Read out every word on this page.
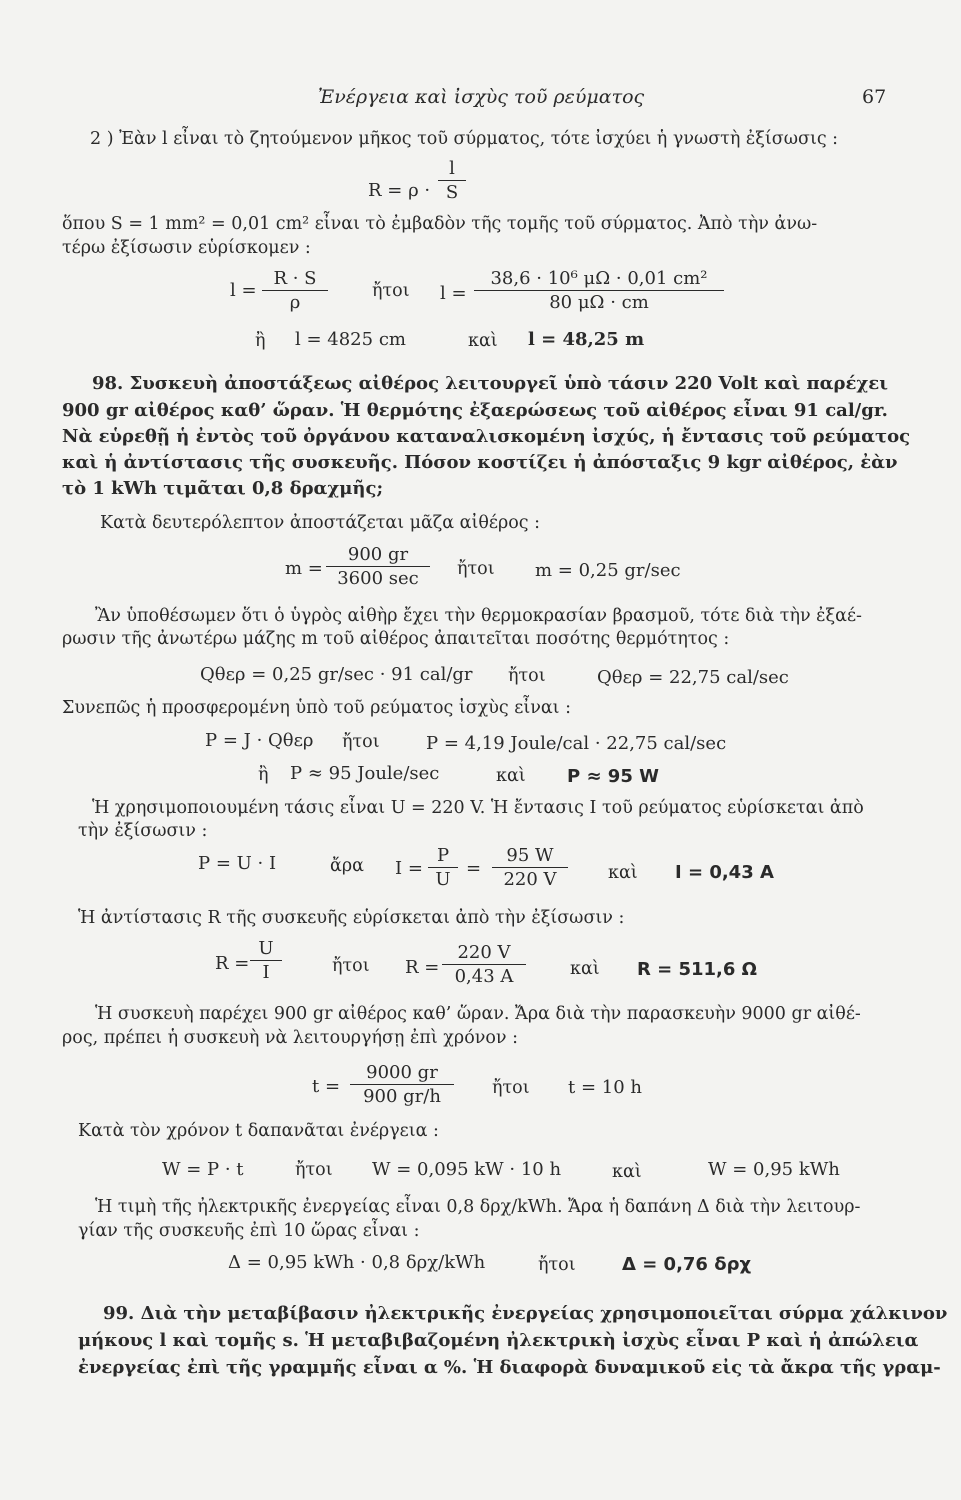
Ἐνέργεια καὶ ἰσχὺς τοῦ ρεύματος	67
2 ) Ἐὰν l εἶναι τὸ ζητούμενον μῆκος τοῦ σύρματος, τότε ἰσχύει ἡ γνωστὴ ἐξίσωσις :
$R = \rho \cdot \frac{l}{S}$
ὅπου S = 1 mm² = 0,01 cm² εἶναι τὸ ἐμβαδὸν τῆς τομῆς τοῦ σύρματος. Ἀπὸ τὴν ἀνω-
τέρω ἐξίσωσιν εὑρίσκομεν :
$l = \frac{R \cdot S}{\rho}$	ἤτοι $l = \frac{\text{38,6 · 10⁶ μΩ · 0,01 cm²}}{80 \mu\Omega \cdot cm}$
ἢ l = 4825 cm	καὶ l = 48,25 m
98. Συσκευὴ ἀποστάξεως αἰθέρος λειτουργεῖ ὑπὸ τάσιν 220 Volt καὶ παρέχει
900 gr αἰθέρος καθ’ ὥραν. Ἡ θερμότης ἐξαερώσεως τοῦ αἰθέρος εἶναι 91 cal/gr.
Νὰ εὑρεθῇ ἡ ἐντὸς τοῦ ὀργάνου καταναλισκομένη ἰσχύς, ἡ ἔντασις τοῦ ρεύματος
καὶ ἡ ἀντίστασις τῆς συσκευῆς. Πόσον κοστίζει ἡ ἀπόσταξις 9 kgr αἰθέρος, ἐὰν
τὸ 1 kWh τιμᾶται 0,8 δραχμῆς;
Κατὰ δευτερόλεπτον ἀποστάζεται μᾶζα αἰθέρος :
m =
900 gr
3600 sec	ἤτοι m = 0,25 gr/sec
Ἂν ὑποθέσωμεν ὅτι ὁ ὑγρὸς αἰθὴρ ἔχει τὴν θερμοκρασίαν βρασμοῦ, τότε διὰ τὴν ἐξαέ-
ρωσιν τῆς ἀνωτέρω μάζης m τοῦ αἰθέρος ἀπαιτεῖται ποσότης θερμότητος :
Qθερ = 0,25 gr/sec · 91 cal/gr ἤτοι	Qθερ = 22,75 cal/sec
Συνεπῶς ἡ προσφερομένη ὑπὸ τοῦ ρεύματος ἰσχὺς εἶναι :
P = J · Qθερ ἤτοι	P = 4,19 Joule/cal · 22,75 cal/sec
ἢ P ≈ 95 Joule/sec	καὶ P ≈ 95 W
Ἡ χρησιμοποιουμένη τάσις εἶναι U = 220 V. Ἡ ἔντασις I τοῦ ρεύματος εὑρίσκεται ἀπὸ
τὴν ἐξίσωσιν :
P = U · I	ἄρα $I = \frac{P}{U} = \frac{95 W}{220 V}$ καὶ I = 0,43 A
Ἡ ἀντίστασις R τῆς συσκευῆς εὑρίσκεται ἀπὸ τὴν ἐξίσωσιν :
$R = \frac{U}{I}$	ἤτοι $R = \frac{220 V}{0,43 A}$	καὶ R = 511,6 Ω
Ἡ συσκευὴ παρέχει 900 gr αἰθέρος καθ’ ὥραν. Ἄρα διὰ τὴν παρασκευὴν 9000 gr αἰθέ-
ρος, πρέπει ἡ συσκευὴ νὰ λειτουργήσῃ ἐπὶ χρόνον :
$t = \frac{9000 gr}{900 gr/h}$ ἤτοι t = 10 h
Κατὰ τὸν χρόνον t δαπανᾶται ἐνέργεια :
W = P · t	ἤτοι W = 0,095 kW · 10 h	καὶ	W = 0,95 kWh
Ἡ τιμὴ τῆς ἠλεκτρικῆς ἐνεργείας εἶναι 0,8 δρχ/kWh. Ἄρα ἡ δαπάνη Δ διὰ τὴν λειτουρ-
γίαν τῆς συσκευῆς ἐπὶ 10 ὥρας εἶναι :
Δ = 0,95 kWh · 0,8 δρχ/kWh	ἤτοι	Δ = 0,76 δρχ
99. Διὰ τὴν μεταβίβασιν ἠλεκτρικῆς ἐνεργείας χρησιμοποιεῖται σύρμα χάλκινον
μήκους l καὶ τομῆς s. Ἡ μεταβιβαζομένη ἠλεκτρικὴ ἰσχὺς εἶναι P καὶ ἡ ἀπώλεια
ἐνεργείας ἐπὶ τῆς γραμμῆς εἶναι α %. Ἡ διαφορὰ δυναμικοῦ εἰς τὰ ἄκρα τῆς γραμ-
